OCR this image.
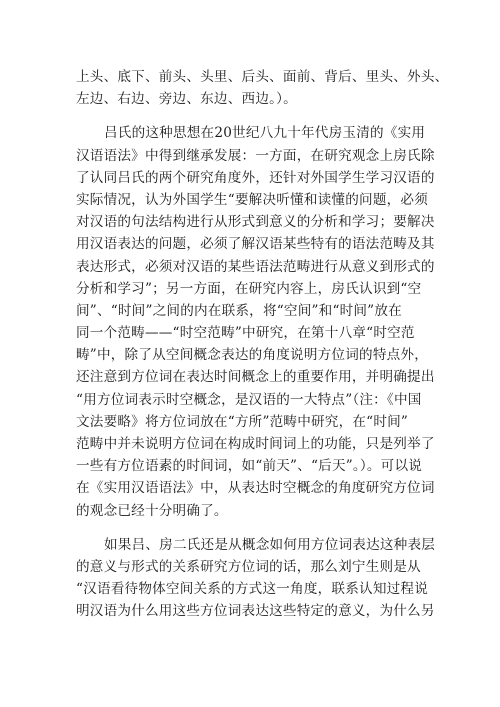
上头、底下、前头、头里、后头、面前、背后、里头、外头、
左边、右边、旁边、东边、西边。）。
吕氏的这种思想在20世纪八九十年代房玉清的《实用
汉语语法》中得到继承发展：一方面，在研究观念上房氏除
了认同吕氏的两个研究角度外，还针对外国学生学习汉语的
实际情况，认为外国学生“要解决听懂和读懂的问题，必须
对汉语的句法结构进行从形式到意义的分析和学习；要解决
用汉语表达的问题，必须了解汉语某些特有的语法范畴及其
表达形式，必须对汉语的某些语法范畴进行从意义到形式的
分析和学习”；另一方面，在研究内容上，房氏认识到“空
间”、“时间”之间的内在联系，将“空间”和“时间”放在
同一个范畴——“时空范畴”中研究，在第十八章“时空范
畴”中，除了从空间概念表达的角度说明方位词的特点外，
还注意到方位词在表达时间概念上的重要作用，并明确提出
“用方位词表示时空概念，是汉语的一大特点”（注：《中国
文法要略》将方位词放在“方所”范畴中研究，在“时间”
范畴中并未说明方位词在构成时间词上的功能，只是列举了
一些有方位语素的时间词，如“前天”、“后天”。）。可以说
在《实用汉语语法》中，从表达时空概念的角度研究方位词
的观念已经十分明确了。
如果吕、房二氏还是从概念如何用方位词表达这种表层
的意义与形式的关系研究方位词的话，那么刘宁生则是从
“汉语看待物体空间关系的方式这一角度，联系认知过程说
明汉语为什么用这些方位词表达这些特定的意义，为什么另
